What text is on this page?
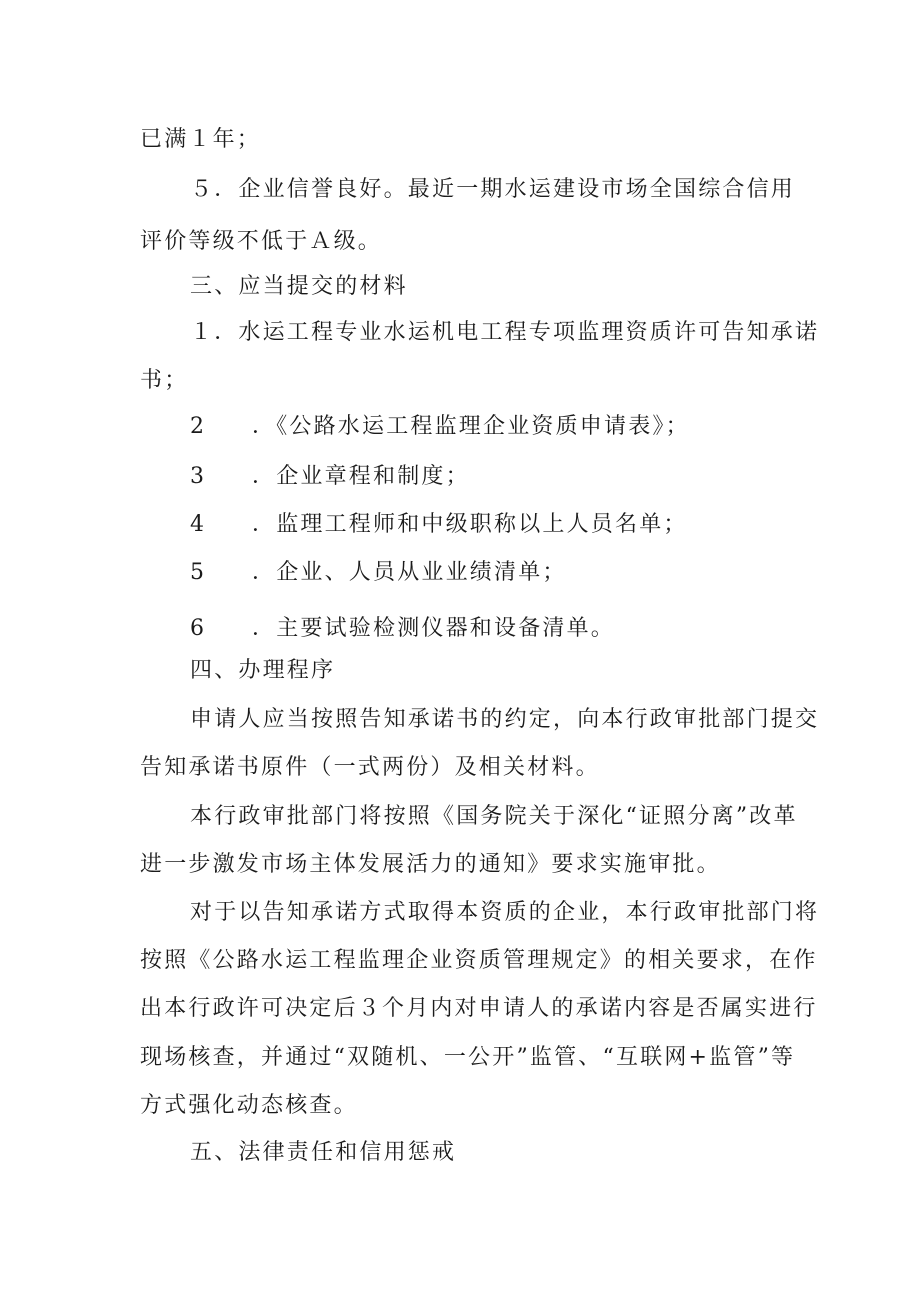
已满１年；
５．企业信誉良好。最近一期水运建设市场全国综合信用
评价等级不低于Ａ级。
三、应当提交的材料
１．水运工程专业水运机电工程专项监理资质许可告知承诺
书；
2 ．《公路水运工程监理企业资质申请表》；
3 ．企业章程和制度；
4 ．监理工程师和中级职称以上人员名单；
5 ．企业、人员从业业绩清单；
6 ．主要试验检测仪器和设备清单。
四、办理程序
申请人应当按照告知承诺书的约定，向本行政审批部门提交
告知承诺书原件（一式两份）及相关材料。
本行政审批部门将按照《国务院关于深化“证照分离”改革
进一步激发市场主体发展活力的通知》要求实施审批。
对于以告知承诺方式取得本资质的企业，本行政审批部门将
按照《公路水运工程监理企业资质管理规定》的相关要求，在作
出本行政许可决定后３个月内对申请人的承诺内容是否属实进行
现场核查，并通过“双随机、一公开”监管、“互联网+监管”等
方式强化动态核查。
五、法律责任和信用惩戒
